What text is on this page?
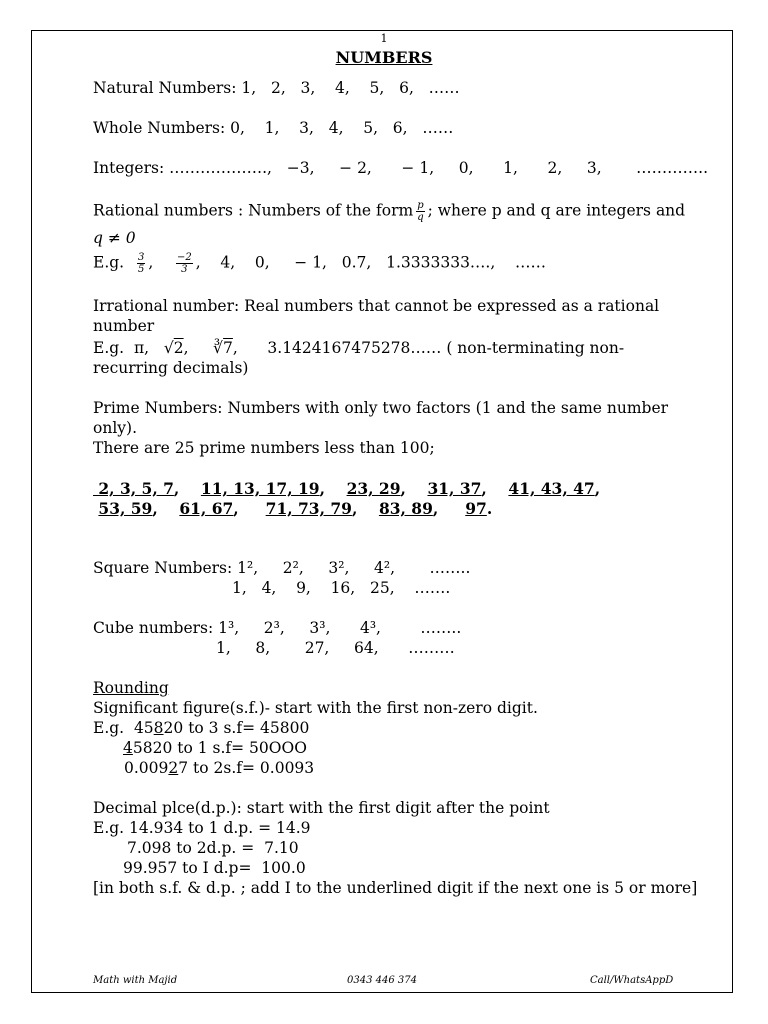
1
NUMBERS
Natural Numbers: 1,   2,   3,    4,    5,   6,   ……
Whole Numbers: 0,    1,    3,   4,    5,   6,   ……
Integers: ……………….,   −3,     − 2,      − 1,     0,      1,      2,     3,       …………..
Rational numbers : Numbers of the form $\frac{p}{q}$ ; where p and q are integers and
q ≠ 0
E.g. $\frac{3}{5}$ , $\frac{-2}{3}$ ,    4,    0,     − 1,   0.7,   1.3333333….,    ……
Irrational number: Real numbers that cannot be expressed as a rational
number
E.g.  π,   √2,     ∛7,      3.1424167475278…… ( non-terminating non-
recurring decimals)
Prime Numbers: Numbers with only two factors (1 and the same number
only).
There are 25 prime numbers less than 100;
2, 3, 5, 7,    11, 13, 17, 19,    23, 29,    31, 37,    41, 43, 47,
53, 59,    61, 67,     71, 73, 79,    83, 89,     97.
Square Numbers: 1²,     2²,     3²,     4²,       ……..
1,   4,    9,    16,   25,    …….
Cube numbers: 1³,     2³,     3³,      4³,        ……..
1,     8,       27,     64,      ………
Rounding
Significant figure(s.f.)- start with the first non-zero digit.
E.g.  45820 to 3 s.f= 45800
45820 to 1 s.f= 50OOO
0.00927 to 2s.f= 0.0093
Decimal plce(d.p.): start with the first digit after the point
E.g. 14.934 to 1 d.p. = 14.9
7.098 to 2d.p. =  7.10
99.957 to I d.p=  100.0
[in both s.f. & d.p. ; add I to the underlined digit if the next one is 5 or more]
Math with Majid	0343 446 374	Call/WhatsAppD
